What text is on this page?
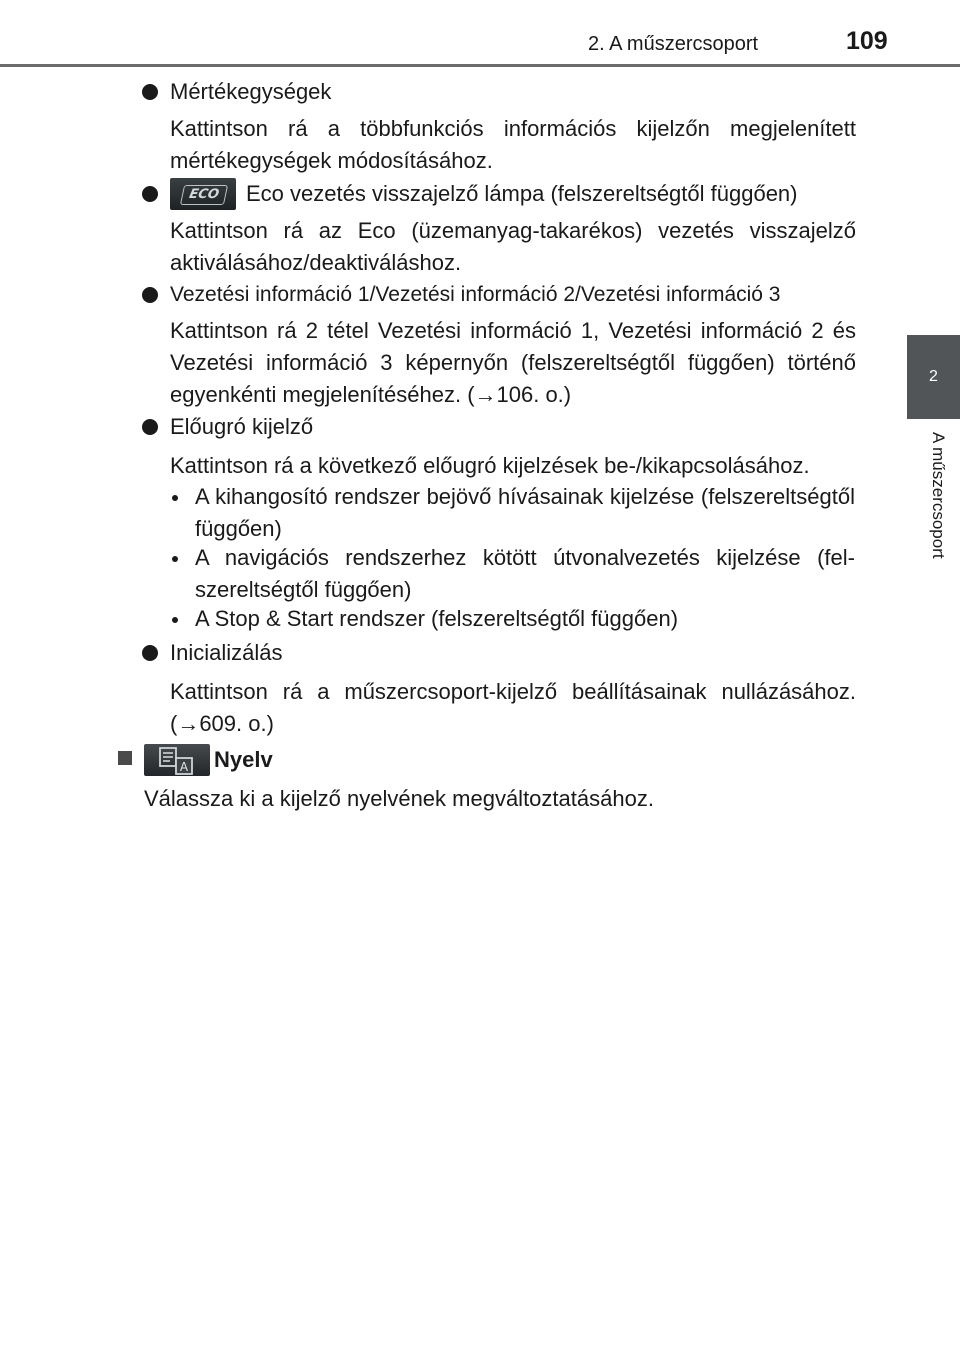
2. A műszercsoport	109
2
A műszercsoport
Mértékegységek
Kattintson rá a többfunkciós információs kijelzőn megjelenített mértékegységek módosításához.
ECO	Eco vezetés visszajelző lámpa (felszereltségtől függően)
Kattintson rá az Eco (üzemanyag-takarékos) vezetés visszajelző aktiválásához/deaktiváláshoz.
Vezetési információ 1/Vezetési információ 2/Vezetési információ 3
Kattintson rá 2 tétel Vezetési információ 1, Vezetési információ 2 és Vezetési információ 3 képernyőn (felszereltségtől függően) történő egyenkénti megjelenítéséhez. (→106. o.)
Előugró kijelző
Kattintson rá a következő előugró kijelzések be-/kikapcsolásához.
A kihangosító rendszer bejövő hívásainak kijelzése (felszereltségtől függően)
A navigációs rendszerhez kötött útvonalvezetés kijelzése (felszereltségtől függően)
A Stop & Start rendszer (felszereltségtől függően)
Inicializálás
Kattintson rá a műszercsoport-kijelző beállításainak nullázásához. (→609. o.)
A Nyelv
Válassza ki a kijelző nyelvének megváltoztatásához.
